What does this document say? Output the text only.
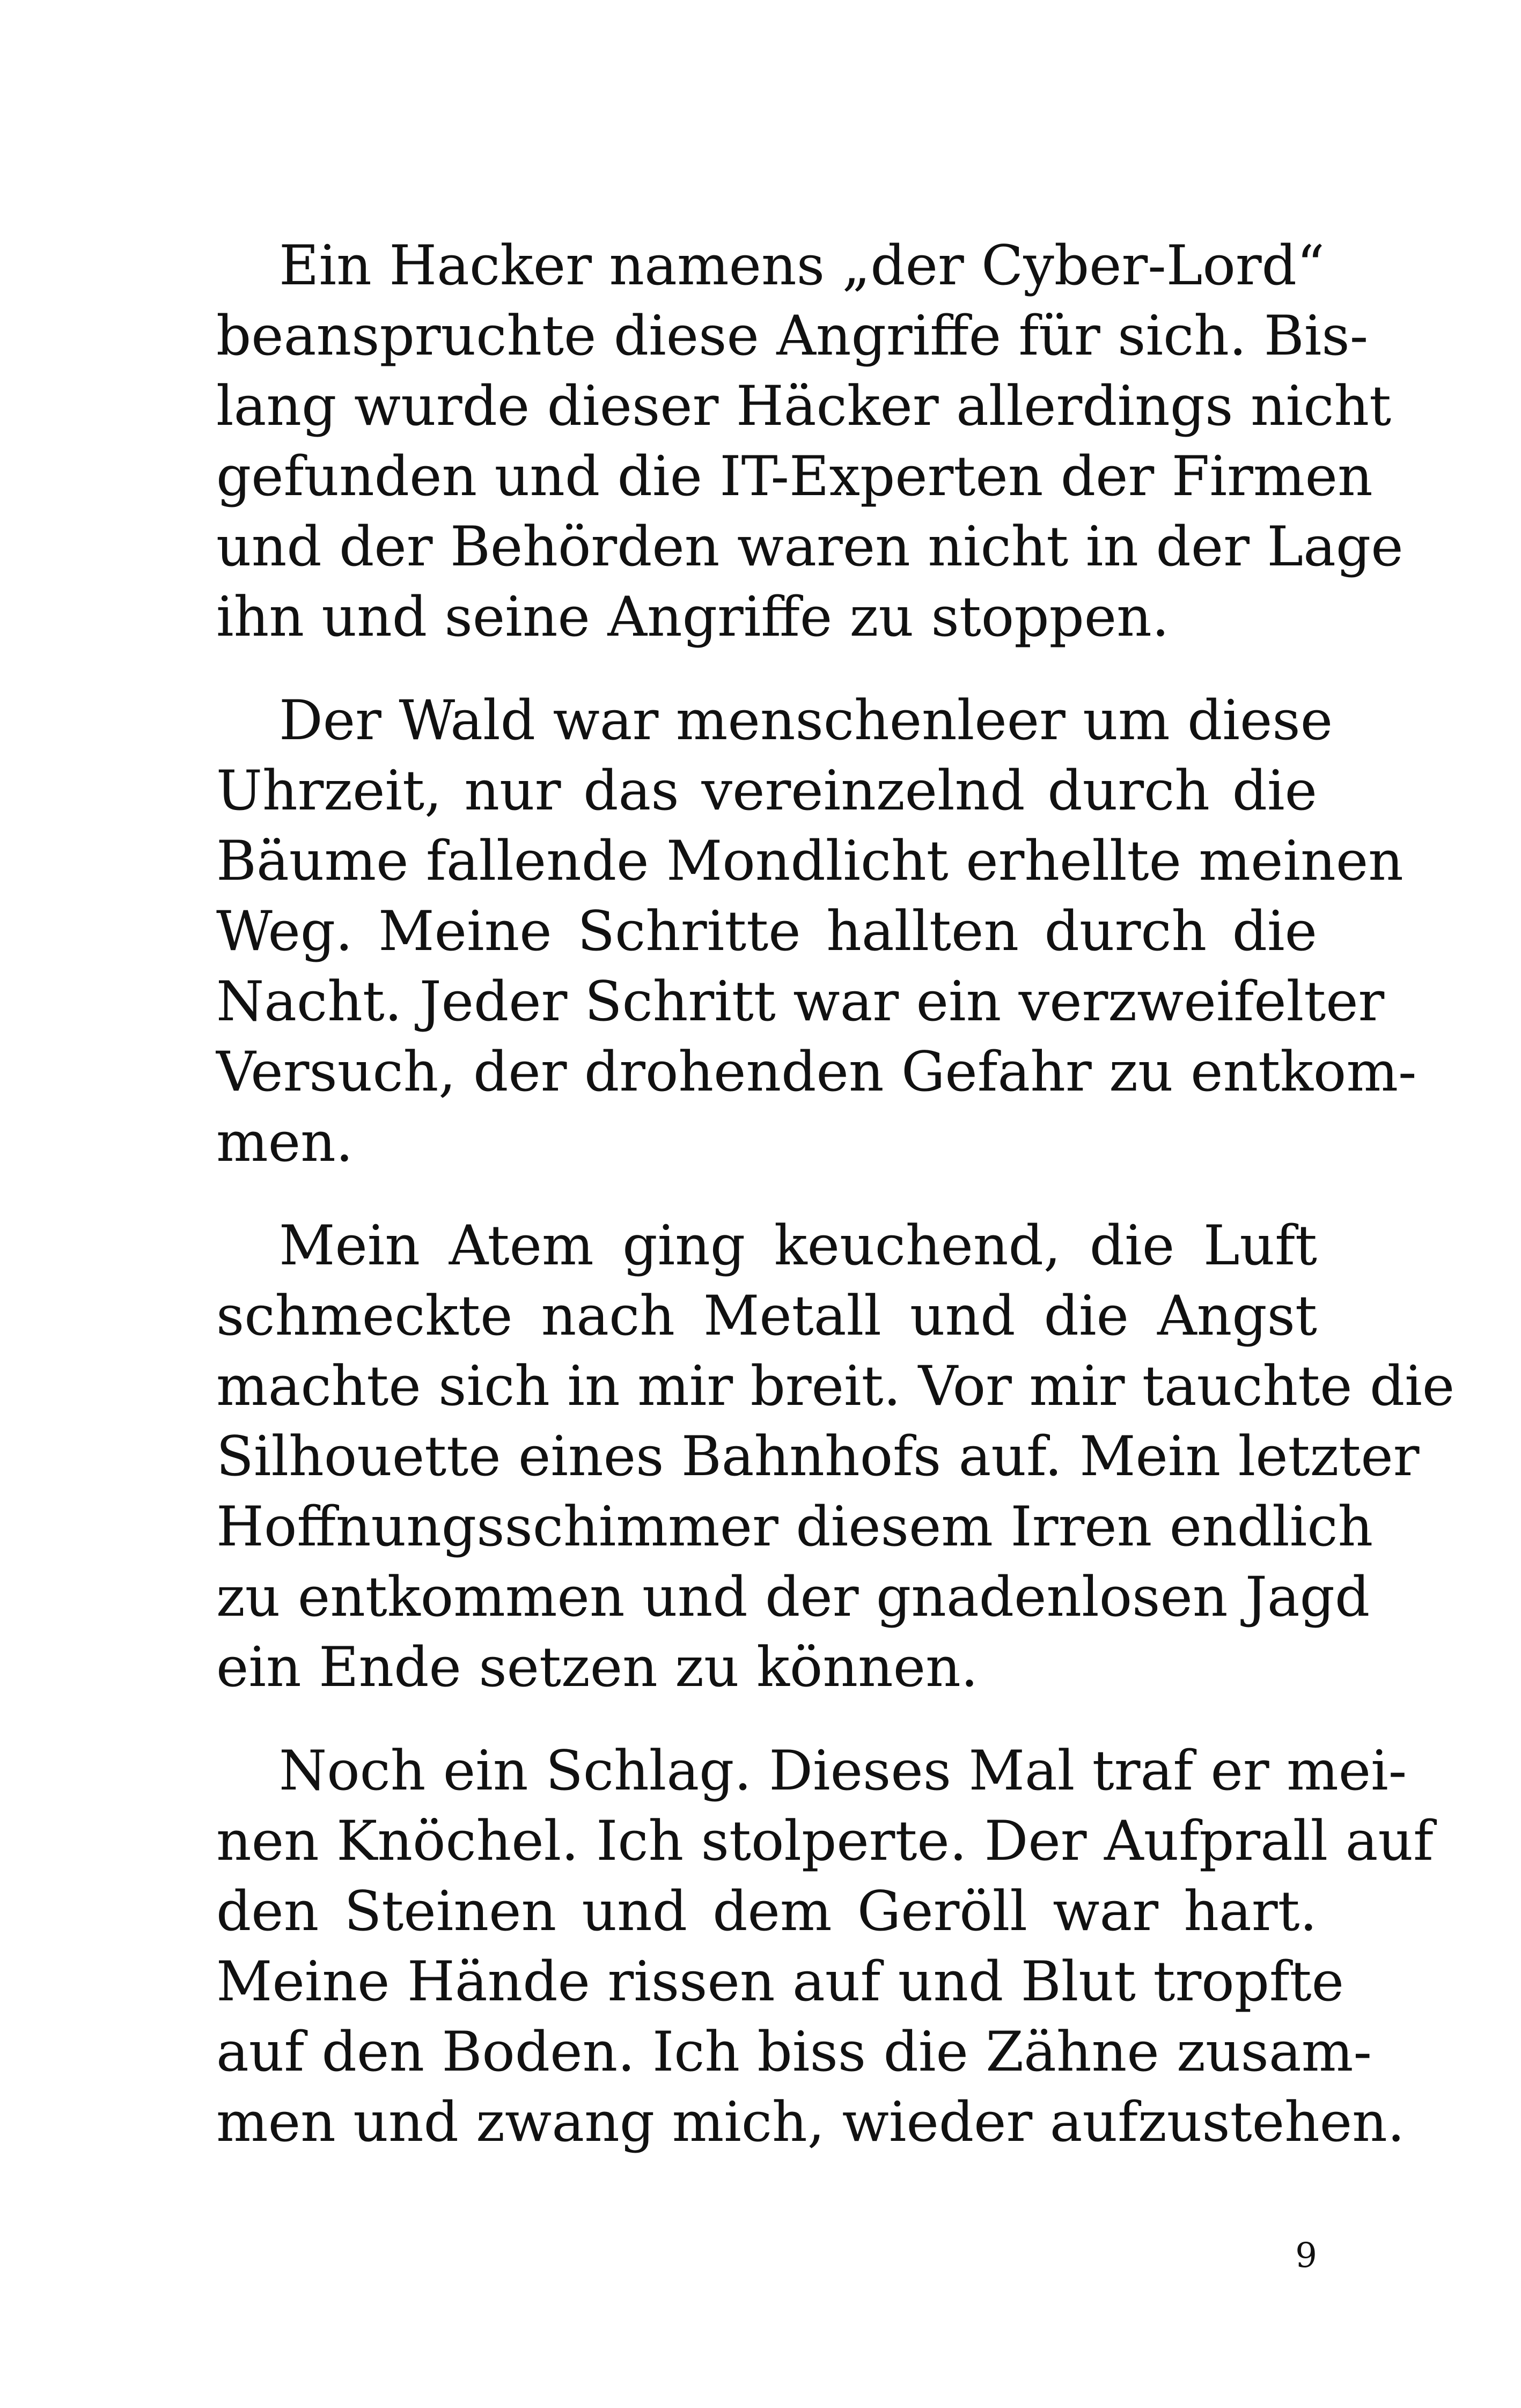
Ein Hacker namens „der Cyber-Lord“
beanspruchte diese Angriffe für sich. Bis-
lang wurde dieser Häcker allerdings nicht
gefunden und die IT-Experten der Firmen
und der Behörden waren nicht in der Lage
ihn und seine Angriffe zu stoppen.

Der Wald war menschenleer um diese
Uhrzeit, nur das vereinzelnd durch die
Bäume fallende Mondlicht erhellte meinen
Weg. Meine Schritte hallten durch die
Nacht. Jeder Schritt war ein verzweifelter
Versuch, der drohenden Gefahr zu entkom-
men.

Mein Atem ging keuchend, die Luft
schmeckte nach Metall und die Angst
machte sich in mir breit. Vor mir tauchte die
Silhouette eines Bahnhofs auf. Mein letzter
Hoffnungsschimmer diesem Irren endlich
zu entkommen und der gnadenlosen Jagd
ein Ende setzen zu können.

Noch ein Schlag. Dieses Mal traf er mei-
nen Knöchel. Ich stolperte. Der Aufprall auf
den Steinen und dem Geröll war hart.
Meine Hände rissen auf und Blut tropfte
auf den Boden. Ich biss die Zähne zusam-
men und zwang mich, wieder aufzustehen.

9
